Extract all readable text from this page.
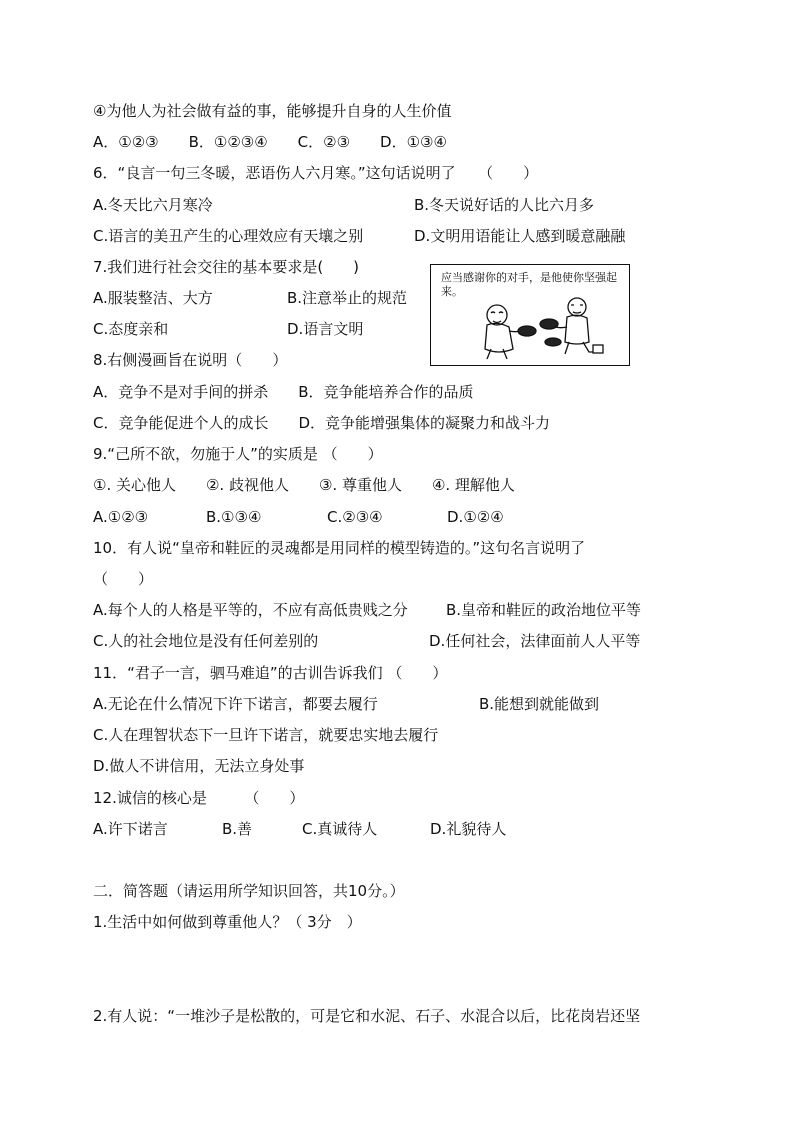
④为他人为社会做有益的事，能够提升自身的人生价值
A．①②③　　B．①②③④　　C．②③　　D．①③④
6．“良言一句三冬暖，恶语伤人六月寒。”这句话说明了　　（　　）
A.冬天比六月寒冷	B.冬天说好话的人比六月多
C.语言的美丑产生的心理效应有天壤之别	D.文明用语能让人感到暖意融融
7.我们进行社会交往的基本要求是(　　)
A.服装整洁、大方	B.注意举止的规范
C.态度亲和	D.语言文明
应当感谢你的对手，是他使你坚强起来。
8.右侧漫画旨在说明（　　）
A．竞争不是对手间的拼杀　　B．竞争能培养合作的品质
C．竞争能促进个人的成长　　D．竞争能增强集体的凝聚力和战斗力
9.“己所不欲，勿施于人”的实质是 （　　）
①. 关心他人　　②. 歧视他人　　③. 尊重他人　　④. 理解他人
A.①②③	B.①③④	C.②③④	D.①②④
10．有人说“皇帝和鞋匠的灵魂都是用同样的模型铸造的。”这句名言说明了
（　　）
A.每个人的人格是平等的，不应有高低贵贱之分	B.皇帝和鞋匠的政治地位平等
C.人的社会地位是没有任何差别的	D.任何社会，法律面前人人平等
11．“君子一言，驷马难追”的古训告诉我们 （　　）
A.无论在什么情况下许下诺言，都要去履行	B.能想到就能做到
C.人在理智状态下一旦许下诺言，就要忠实地去履行
D.做人不讲信用，无法立身处事
12.诚信的核心是　　　（　　）
A.许下诺言	B.善	C.真诚待人	D.礼貌待人
二．简答题（请运用所学知识回答，共10分。）
1.生活中如何做到尊重他人？（ 3分　）
2.有人说：“一堆沙子是松散的，可是它和水泥、石子、水混合以后，比花岗岩还坚
